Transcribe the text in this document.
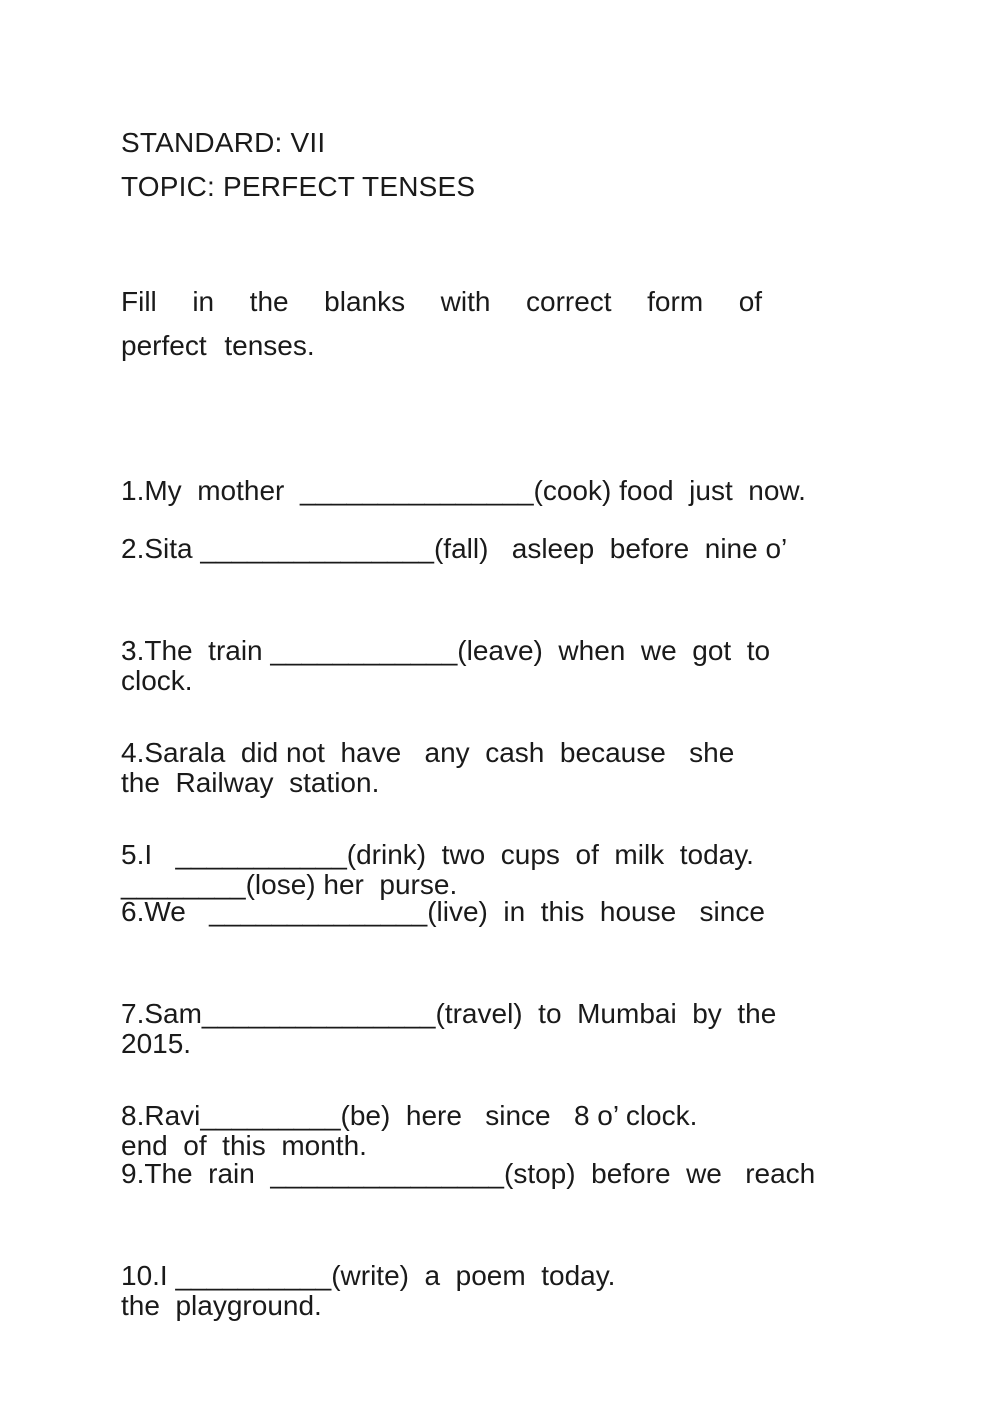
STANDARD: VII
TOPIC: PERFECT TENSES
Fill  in  the  blanks  with  correct  form  of  perfect tenses.

1.My  mother  _______________(cook) food  just  now.

2.Sita _______________(fall)   asleep  before  nine o’

clock.

3.The  train ____________(leave)  when  we  got  to

the  Railway  station.

4.Sarala  did not  have   any  cash  because   she

________(lose) her  purse.

5.I   ___________(drink)  two  cups  of  milk  today.

6.We   ______________(live)  in  this  house   since

2015.

7.Sam_______________(travel)  to  Mumbai  by  the

end  of  this  month.

8.Ravi_________(be)  here   since   8 o’ clock.

9.The  rain  _______________(stop)  before  we   reach

the  playground.

10.I __________(write)  a  poem  today.
